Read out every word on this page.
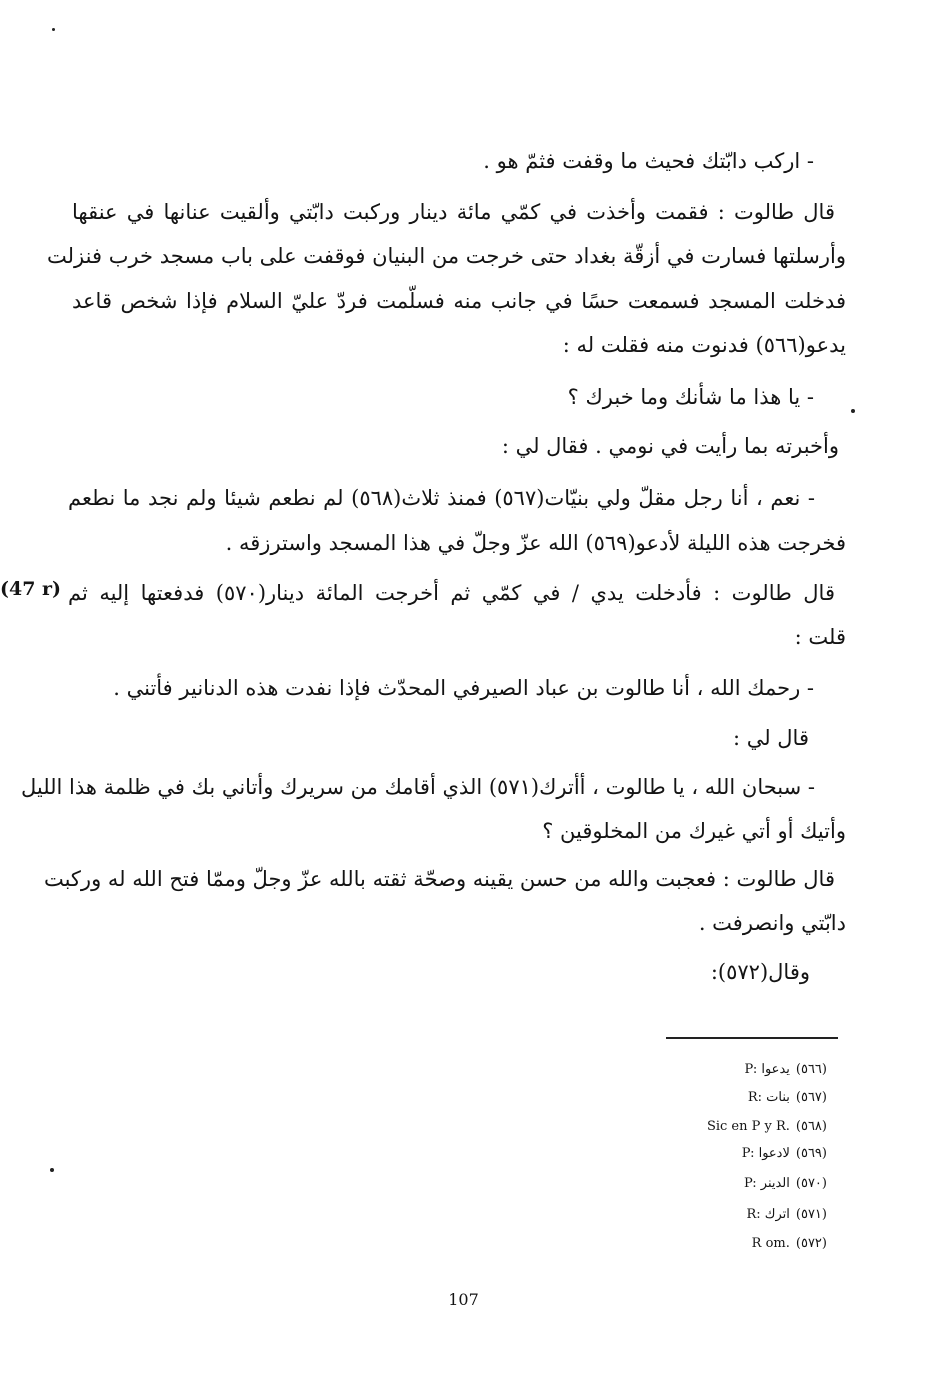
(47 r)
- اركب دابّتك فحيث ما وقفت فثمّ هو .
قال طالوت : فقمت وأخذت في كمّي مائة دينار وركبت دابّتي وألقيت عنانها في عنقها
وأرسلتها فسارت في أزقّة بغداد حتى خرجت من البنيان فوقفت على باب مسجد خرب فنزلت
فدخلت المسجد فسمعت حسًا في جانب منه فسلّمت فردّ عليّ السلام فإذا شخص قاعد
يدعو(٥٦٦) فدنوت منه فقلت له :
- يا هذا ما شأنك وما خبرك ؟
وأخبرته بما رأيت في نومي . فقال لي :
- نعم ، أنا رجل مقلّ ولي بنيّات(٥٦٧) فمنذ ثلاث(٥٦٨) لم نطعم شيئا ولم نجد ما نطعم
فخرجت هذه الليلة لأدعو(٥٦٩) الله عزّ وجلّ في هذا المسجد واسترزقه .
قال طالوت : فأدخلت يدي / في كمّي ثم أخرجت المائة دينار(٥٧٠) فدفعتها إليه ثم
قلت :
- رحمك الله ، أنا طالوت بن عباد الصيرفي المحدّث فإذا نفدت هذه الدنانير فأتني .
قال لي :
- سبحان الله ، يا طالوت ، أأترك(٥٧١) الذي أقامك من سريرك وأتاني بك في ظلمة هذا الليل
وأتيك أو أتي غيرك من المخلوقين ؟
قال طالوت : فعجبت والله من حسن يقينه وصحّة ثقته بالله عزّ وجلّ وممّا فتح الله له وركبت
دابّتي وانصرفت .
وقال(٥٧٢):
(٥٦٦)يدعوا P:
(٥٦٧)بنات R:
(٥٦٨)Sic en P y R.
(٥٦٩)لادعوا P:
(٥٧٠)الدينر P:
(٥٧١)اترك R:
(٥٧٢)R om.
107
